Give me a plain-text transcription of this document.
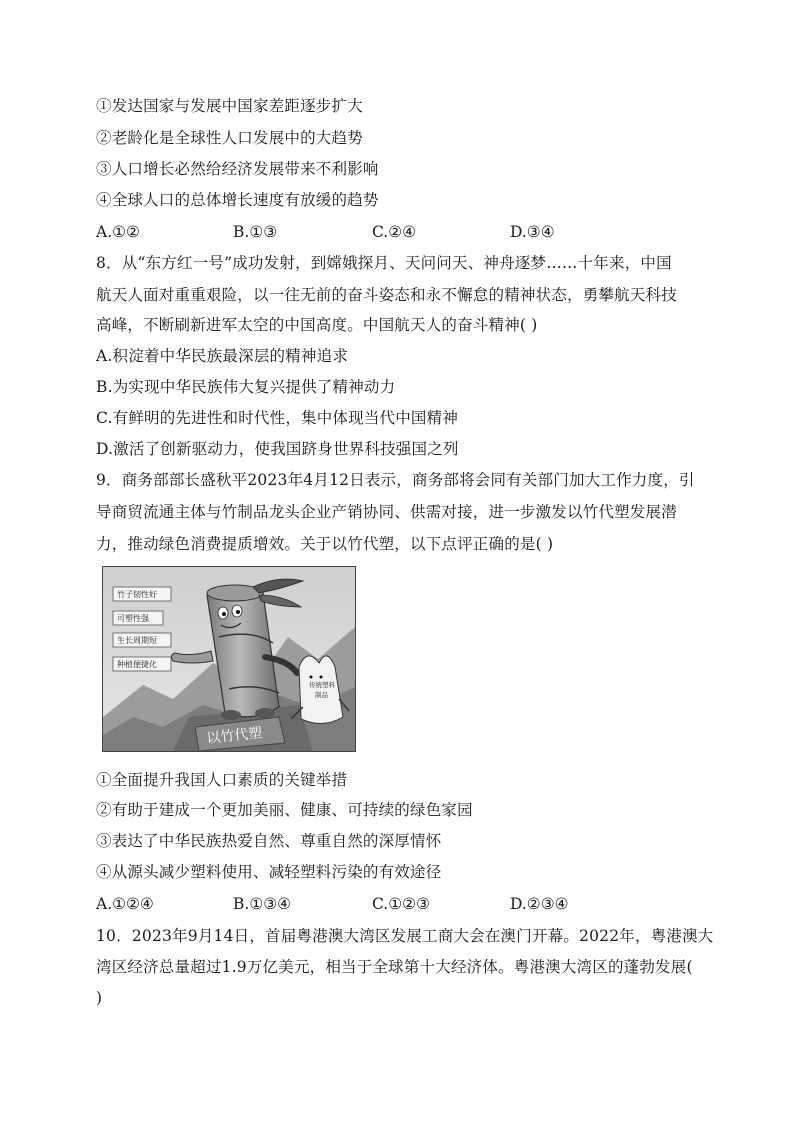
①发达国家与发展中国家差距逐步扩大
②老龄化是全球性人口发展中的大趋势
③人口增长必然给经济发展带来不利影响
④全球人口的总体增长速度有放缓的趋势
A.①②	B.①③	C.②④	D.③④
8．从“东方红一号”成功发射，到嫦娥探月、天问问天、神舟逐梦……十年来，中国
航天人面对重重艰险，以一往无前的奋斗姿态和永不懈怠的精神状态，勇攀航天科技
高峰，不断刷新进军太空的中国高度。中国航天人的奋斗精神( )
A.积淀着中华民族最深层的精神追求
B.为实现中华民族伟大复兴提供了精神动力
C.有鲜明的先进性和时代性，集中体现当代中国精神
D.激活了创新驱动力，使我国跻身世界科技强国之列
9．商务部部长盛秋平2023年4月12日表示，商务部将会同有关部门加大工作力度，引
导商贸流通主体与竹制品龙头企业产销协同、供需对接，进一步激发以竹代塑发展潜
力，推动绿色消费提质增效。关于以竹代塑，以下点评正确的是( )
以竹代塑
竹子韧性好
可塑性强
生长周期短
种植便捷化
传统塑料
制品
①全面提升我国人口素质的关键举措
②有助于建成一个更加美丽、健康、可持续的绿色家园
③表达了中华民族热爱自然、尊重自然的深厚情怀
④从源头减少塑料使用、减轻塑料污染的有效途径
A.①②④	B.①③④	C.①②③	D.②③④
10．2023年9月14日，首届粤港澳大湾区发展工商大会在澳门开幕。2022年，粤港澳大
湾区经济总量超过1.9万亿美元，相当于全球第十大经济体。粤港澳大湾区的蓬勃发展(
)
